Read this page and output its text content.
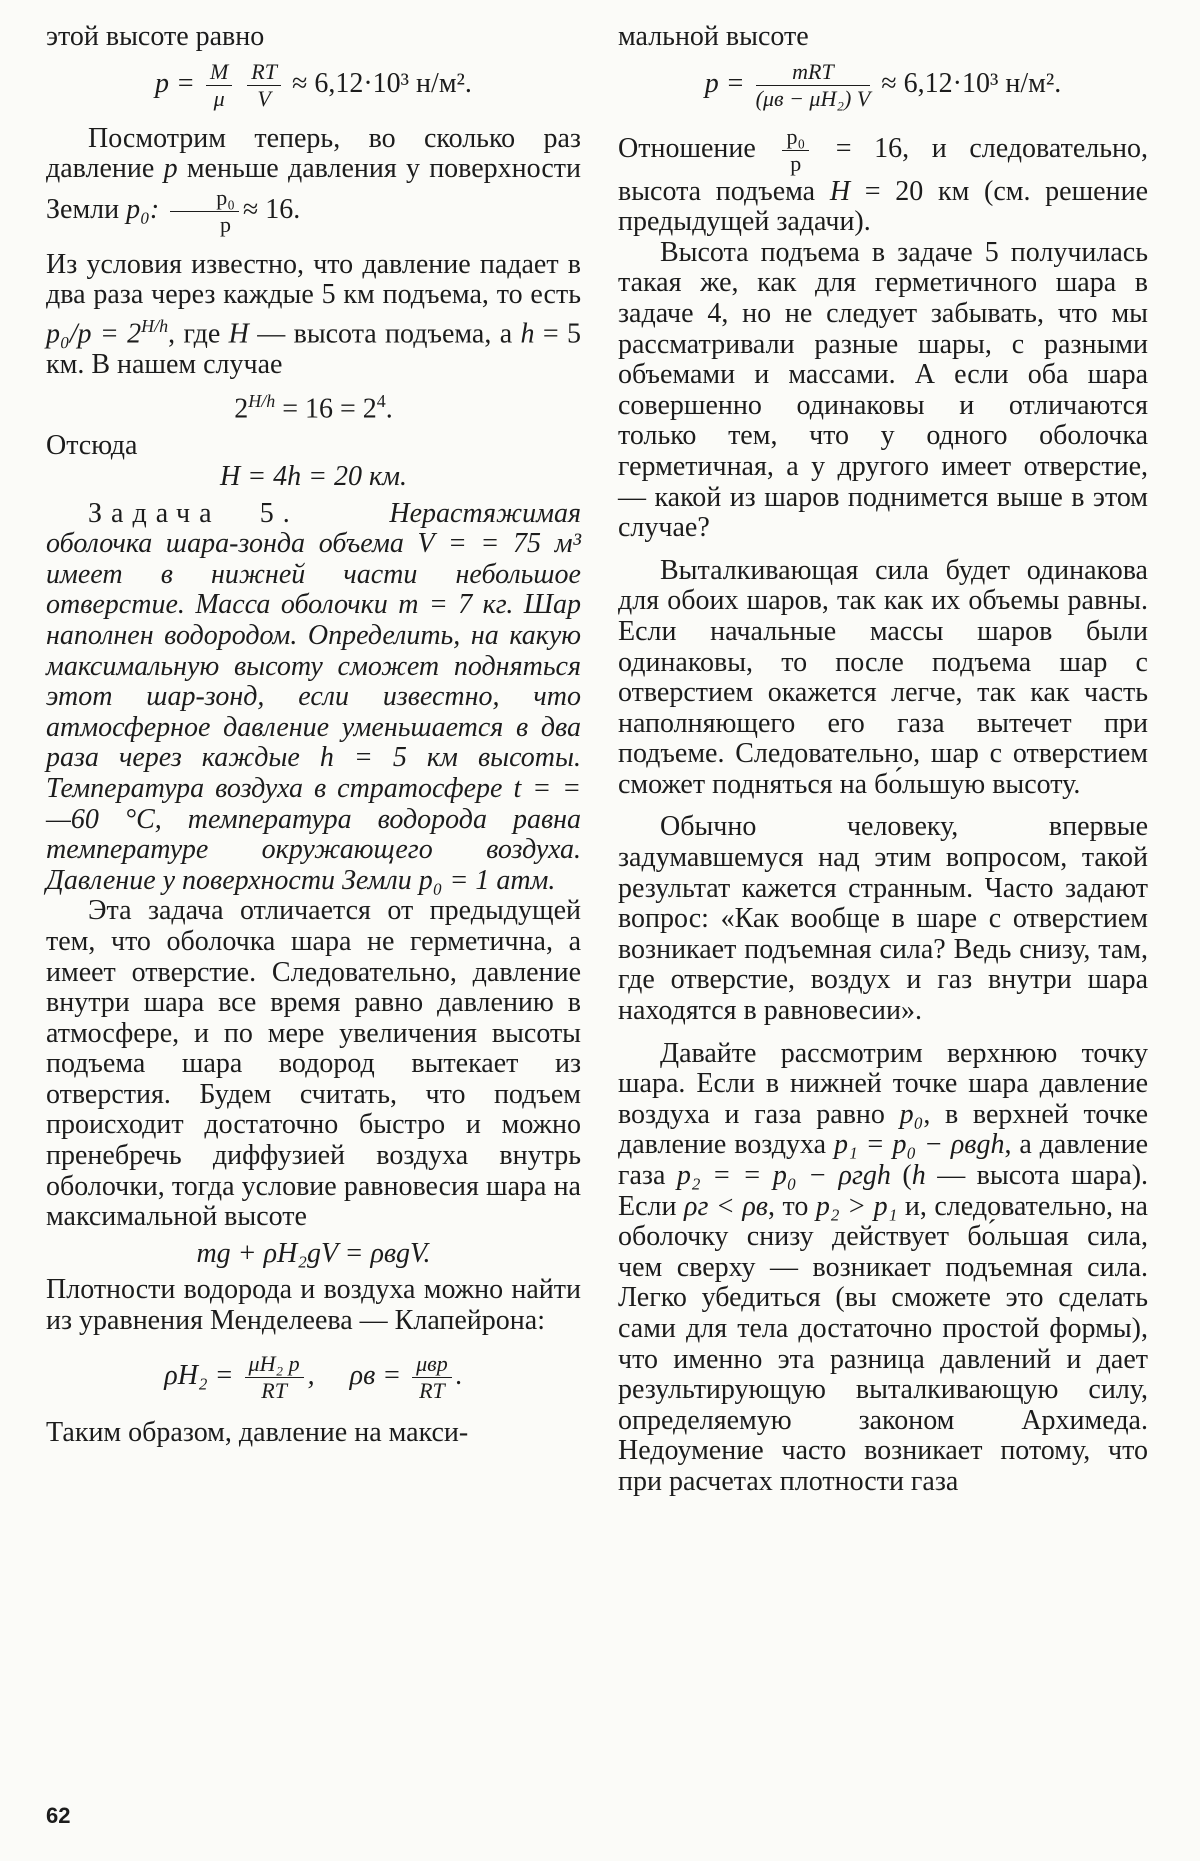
этой высоте равно

$p = \frac{M}{\mu}$
$\frac{RT}{V} \approx 6,12\cdot 10^3$ н/м².

Посмотрим теперь, во сколько раз давление p меньше давления у поверхности Земли p₀: $\frac{\text{p₀}}{p} \approx 16$.

Из условия известно, что давление падает в два раза через каждые 5 км подъема, то есть $p_0/p = 2^{H/h}$, где H — высота подъема, а h = 5 км. В нашем случае

$2^{H/h} = 16 = 2^4$.

Отсюда

H = 4h = 20 км.

Задача 5.	Нерастяжимая оболочка шара-зонда объема V = = 75 м³ имеет в нижней части небольшое отверстие. Масса оболочки m = 7 кг. Шар наполнен водородом. Определить, на какую максимальную высоту сможет подняться этот шар-зонд, если известно, что атмосферное давление уменьшается в два раза через каждые h = 5 км высоты. Температура воздуха в стратосфере t = = —60 °С, температура водорода равна температуре окружающего воздуха. Давление у поверхности Земли p₀ = 1 атм.

Эта задача отличается от предыдущей тем, что оболочка шара не герметична, а имеет отверстие. Следовательно, давление внутри шара все время равно давлению в атмосфере, и по мере увеличения высоты подъема шара водород вытекает из отверстия. Будем считать, что подъем происходит достаточно быстро и можно пренебречь диффузией воздуха внутрь оболочки, тогда условие равновесия шара на максимальной высоте

mg + ρH₂gV = ρвgV.

Плотности водорода и воздуха можно найти из уравнения Менделеева — Клапейрона:

$\rho H_2 = \frac{\text{μH₂ p}}{RT}$ , $\rho в = \frac{\text{μвp}}{RT}$ .

Таким образом, давление на макси-

мальной высоте

$p = \frac{\text{mRT}}{\text{(μв − μH₂) V}} \approx 6,12\cdot 10^3$ н/м².

Отношение $\frac{\text{p₀}}{p} = 16$, и следовательно, высота подъема H = 20 км (см. решение предыдущей задачи).

Высота подъема в задаче 5 получилась такая же, как для герметичного шара в задаче 4, но не следует забывать, что мы рассматривали разные шары, с разными объемами и массами. А если оба шара совершенно одинаковы и отличаются только тем, что у одного оболочка герметичная, а у другого имеет отверстие,— какой из шаров поднимется выше в этом случае?

Выталкивающая сила будет одинакова для обоих шаров, так как их объемы равны. Если начальные массы шаров были одинаковы, то после подъема шар с отверстием окажется легче, так как часть наполняющего его газа вытечет при подъеме. Следовательно, шар с отверстием сможет подняться на бо́льшую высоту.

Обычно человеку, впервые задумавшемуся над этим вопросом, такой результат кажется странным. Часто задают вопрос: «Как вообще в шаре с отверстием возникает подъемная сила? Ведь снизу, там, где отверстие, воздух и газ внутри шара находятся в равновесии».

Давайте рассмотрим верхнюю точку шара. Если в нижней точке шара давление воздуха и газа равно p₀, в верхней точке давление воздуха p₁ = p₀ − ρвgh, а давление газа p₂ = = p₀ − ρгgh (h — высота шара). Если ρг < ρв, то p₂ > p₁ и, следовательно, на оболочку снизу действует бо́льшая сила, чем сверху — возникает подъемная сила. Легко убедиться (вы сможете это сделать сами для тела достаточно простой формы), что именно эта разница давлений и дает результирующую выталкивающую силу, определяемую законом Архимеда. Недоумение часто возникает потому, что при расчетах плотности газа

62
